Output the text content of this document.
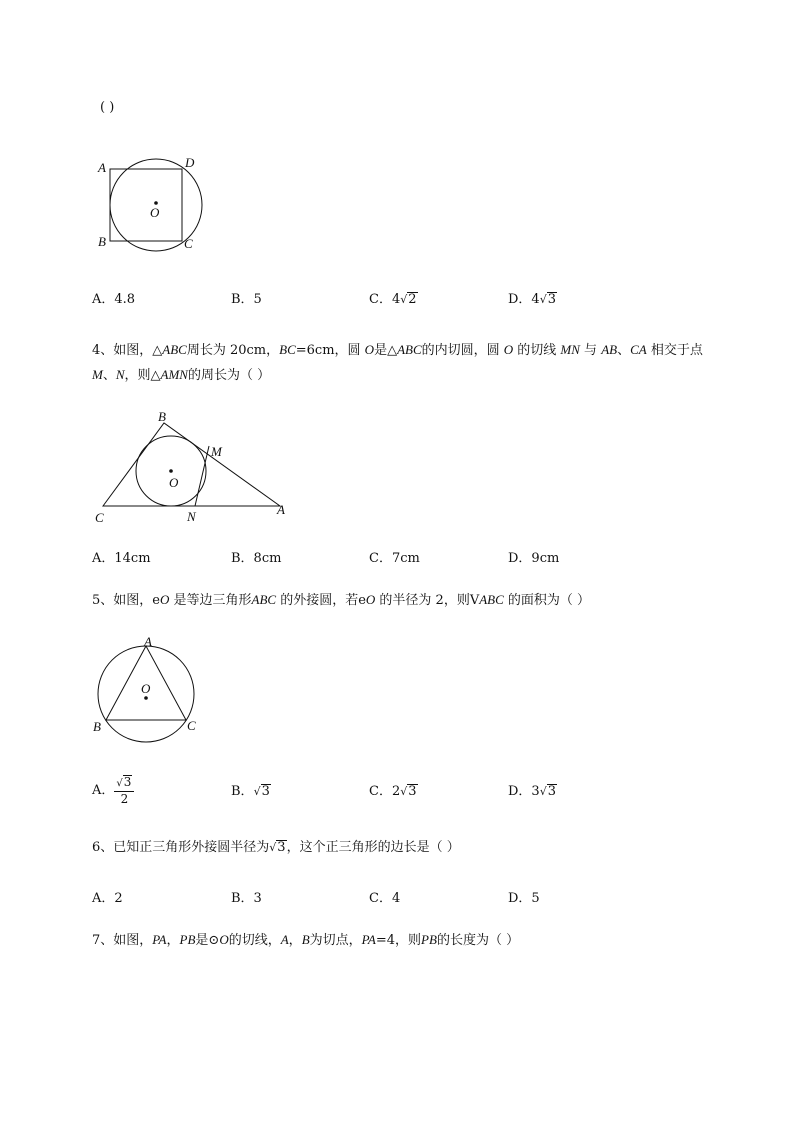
( )
A	D
O
B	C
A．4.8	B．5	C．4√2	D．4√3
4、如图，△ABC周长为 20cm，BC=6cm，圆 O是△ABC的内切圆，圆 O 的切线 MN 与 AB、CA 相交于点
M、N，则△AMN的周长为（ ）
B
M
O
C	N	A
A．14cm	B．8cm	C．7cm	D．9cm
5、如图，eO 是等边三角形ABC 的外接圆，若eO 的半径为 2，则VABC 的面积为（ ）
A
O
B	C
A． $\frac{√3}{2}$	B．√3	C．2√3	D．3√3
6、已知正三角形外接圆半径为√3，这个正三角形的边长是（ ）
A．2	B．3	C．4	D．5
7、如图，PA，PB是⊙O的切线，A，B为切点，PA=4，则PB的长度为（ ）
